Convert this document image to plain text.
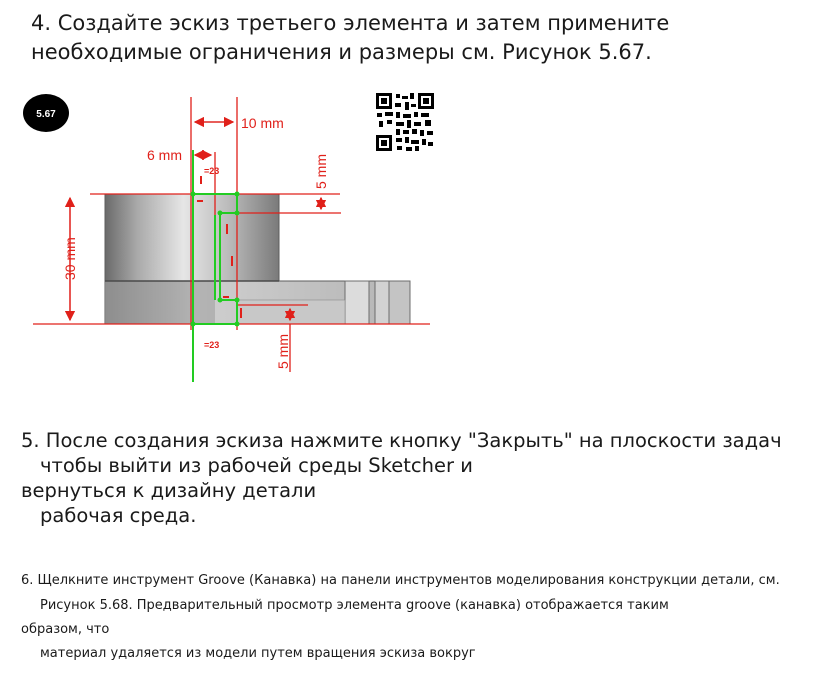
4. Создайте эскиз третьего элемента и затем примените
необходимые ограничения и размеры см. Рисунок 5.67.
5.67
10 mm
6 mm
=23
=23
5 mm
30 mm
5 mm
5. После создания эскиза нажмите кнопку "Закрыть" на плоскости задач
чтобы выйти из рабочей среды Sketcher и
вернуться к дизайну детали
рабочая среда.
6. Щелкните инструмент Groove (Канавка) на панели инструментов моделирования конструкции детали, см.
Рисунок 5.68. Предварительный просмотр элемента groove (канавка) отображается таким
образом, что
материал удаляется из модели путем вращения эскиза вокруг
